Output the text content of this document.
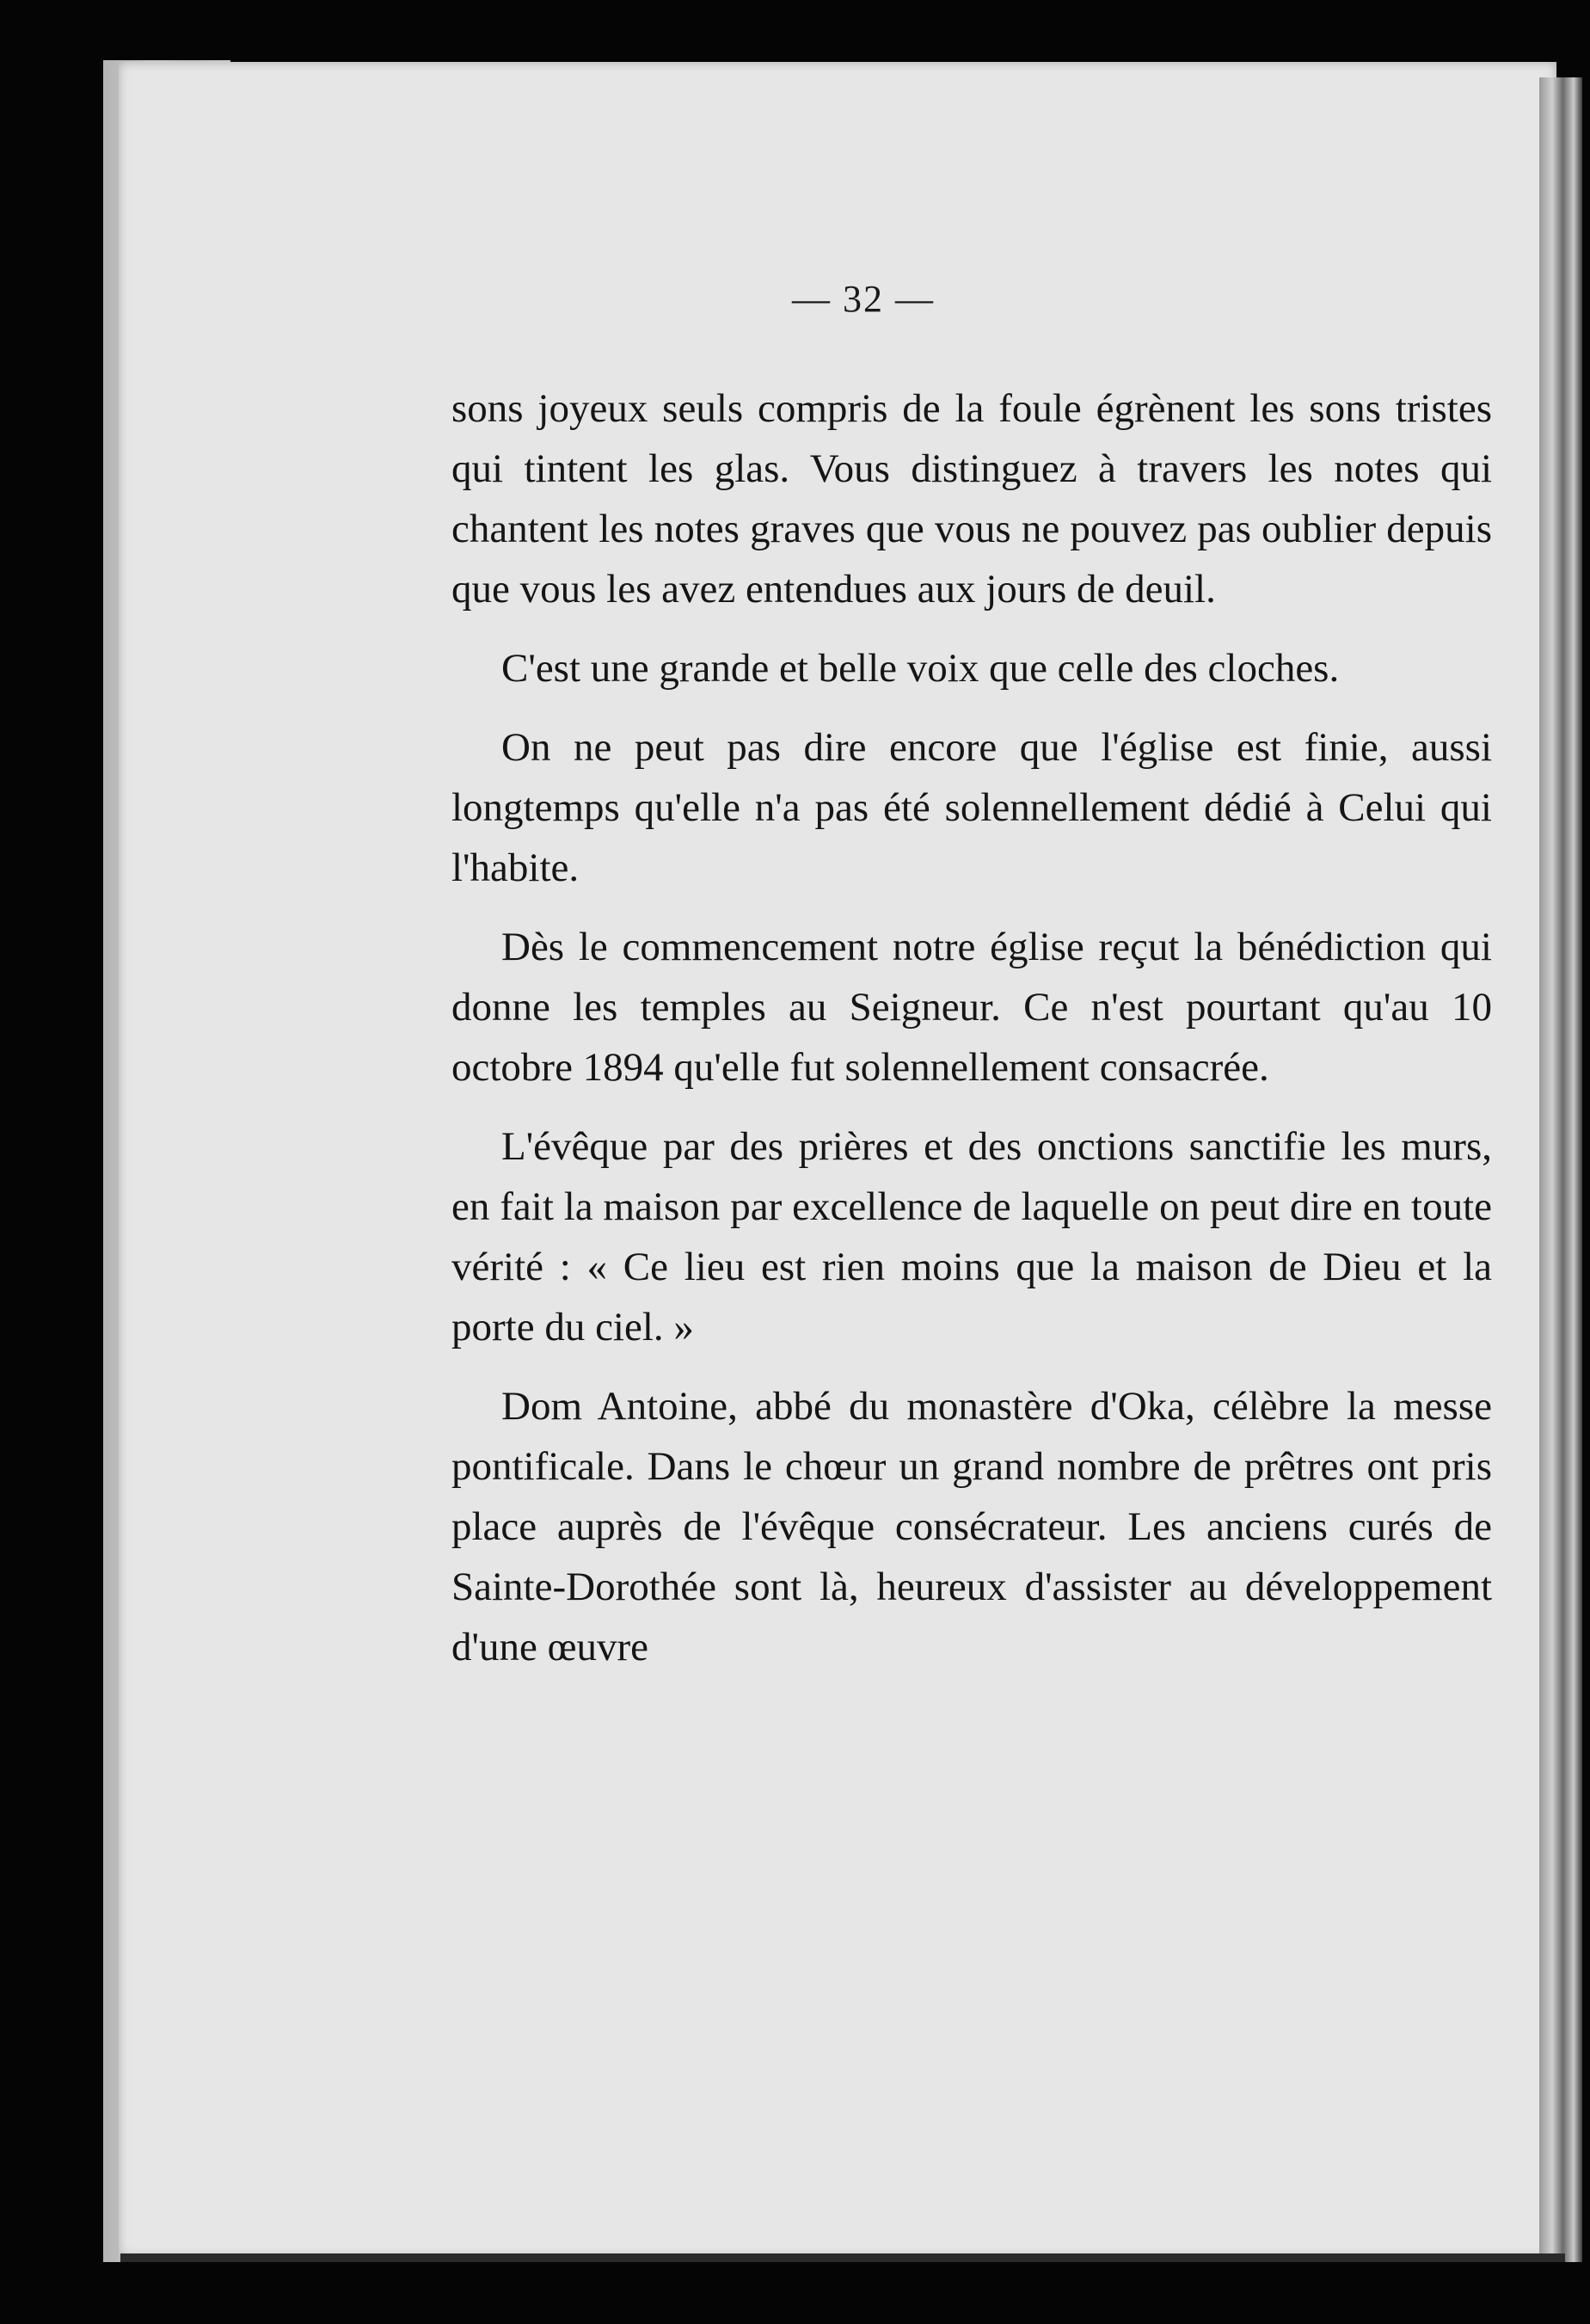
— 32 —

sons joyeux seuls compris de la foule égrènent les sons tristes qui tintent les glas. Vous distinguez à travers les notes qui chantent les notes graves que vous ne pouvez pas oublier depuis que vous les avez entendues aux jours de deuil.

C'est une grande et belle voix que celle des cloches.

On ne peut pas dire encore que l'église est finie, aussi longtemps qu'elle n'a pas été solennellement dédié à Celui qui l'habite.

Dès le commencement notre église reçut la bénédiction qui donne les temples au Seigneur. Ce n'est pourtant qu'au 10 octobre 1894 qu'elle fut solennellement consacrée.

L'évêque par des prières et des onctions sanctifie les murs, en fait la maison par excellence de laquelle on peut dire en toute vérité : « Ce lieu est rien moins que la maison de Dieu et la porte du ciel. »

Dom Antoine, abbé du monastère d'Oka, célèbre la messe pontificale. Dans le chœur un grand nombre de prêtres ont pris place auprès de l'évêque consécrateur. Les anciens curés de Sainte-Dorothée sont là, heureux d'assister au développement d'une œuvre
